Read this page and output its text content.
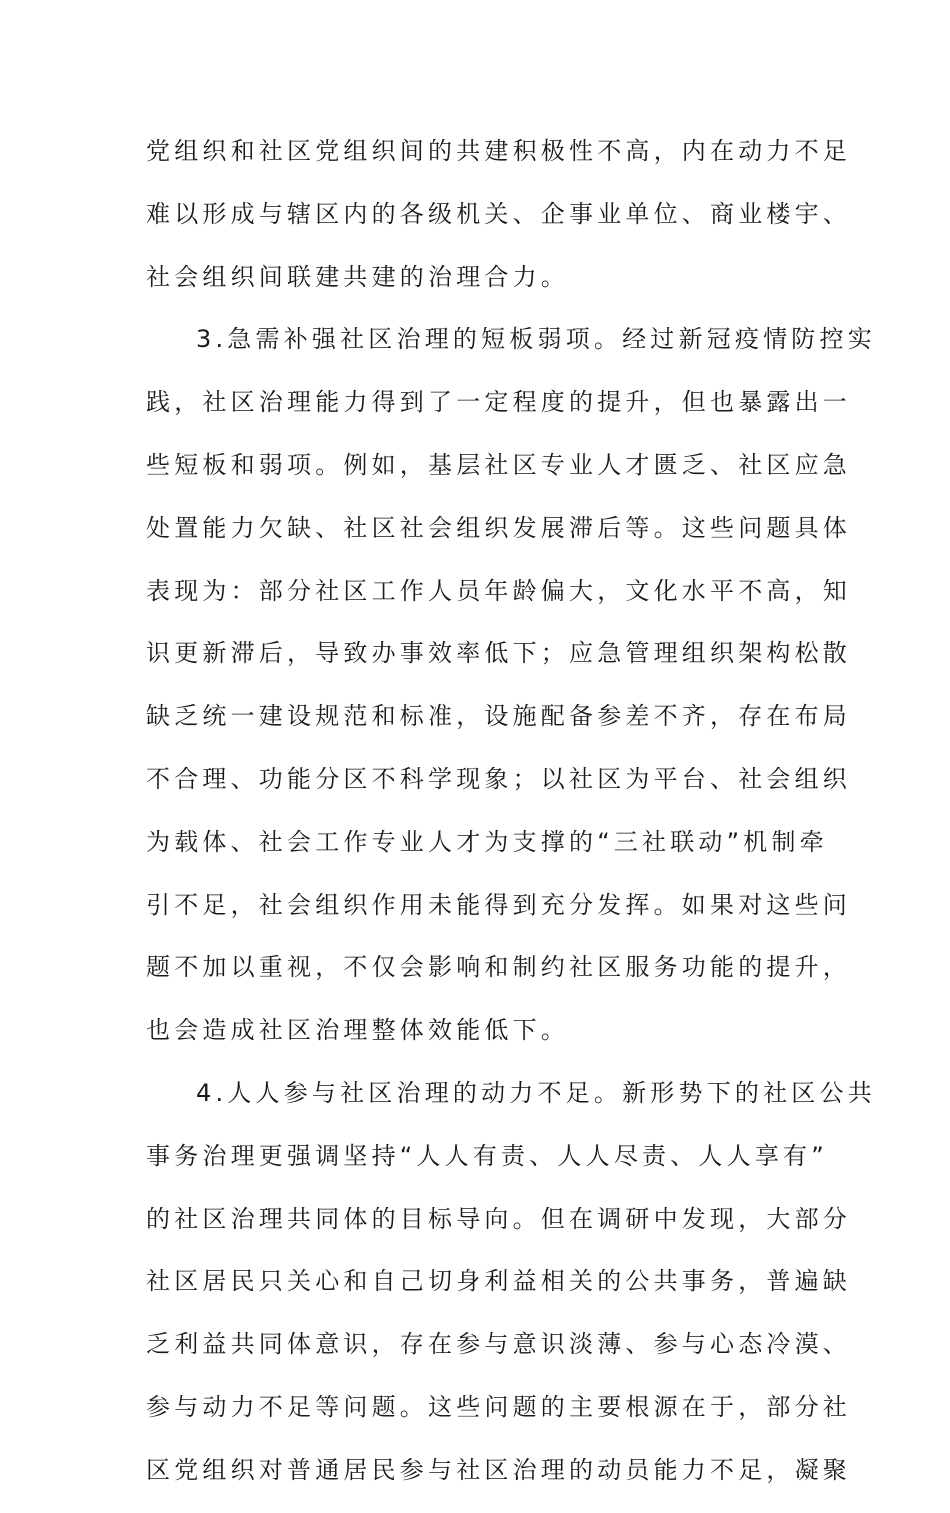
党组织和社区党组织间的共建积极性不高，内在动力不足
难以形成与辖区内的各级机关、企事业单位、商业楼宇、
社会组织间联建共建的治理合力。
3.急需补强社区治理的短板弱项。经过新冠疫情防控实
践，社区治理能力得到了一定程度的提升，但也暴露出一
些短板和弱项。例如，基层社区专业人才匮乏、社区应急
处置能力欠缺、社区社会组织发展滞后等。这些问题具体
表现为：部分社区工作人员年龄偏大，文化水平不高，知
识更新滞后，导致办事效率低下；应急管理组织架构松散
缺乏统一建设规范和标准，设施配备参差不齐，存在布局
不合理、功能分区不科学现象；以社区为平台、社会组织
为载体、社会工作专业人才为支撑的“三社联动”机制牵
引不足，社会组织作用未能得到充分发挥。如果对这些问
题不加以重视，不仅会影响和制约社区服务功能的提升，
也会造成社区治理整体效能低下。
4.人人参与社区治理的动力不足。新形势下的社区公共
事务治理更强调坚持“人人有责、人人尽责、人人享有”
的社区治理共同体的目标导向。但在调研中发现，大部分
社区居民只关心和自己切身利益相关的公共事务，普遍缺
乏利益共同体意识，存在参与意识淡薄、参与心态冷漠、
参与动力不足等问题。这些问题的主要根源在于，部分社
区党组织对普通居民参与社区治理的动员能力不足，凝聚
